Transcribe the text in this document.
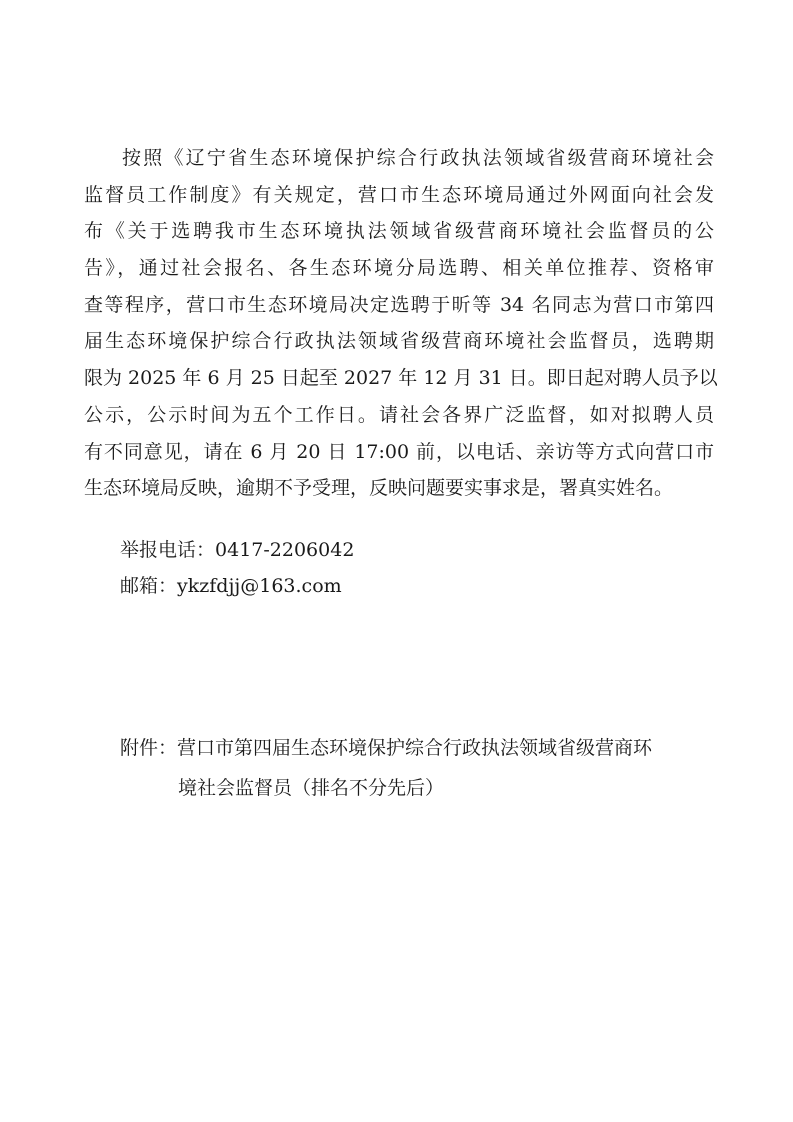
按照《辽宁省生态环境保护综合行政执法领域省级营商环境社会
监督员工作制度》有关规定，营口市生态环境局通过外网面向社会发
布《关于选聘我市生态环境执法领域省级营商环境社会监督员的公
告》，通过社会报名、各生态环境分局选聘、相关单位推荐、资格审
查等程序，营口市生态环境局决定选聘于昕等 34 名同志为营口市第四
届生态环境保护综合行政执法领域省级营商环境社会监督员，选聘期
限为 2025 年 6 月 25 日起至 2027 年 12 月 31 日。即日起对聘人员予以
公示，公示时间为五个工作日。请社会各界广泛监督，如对拟聘人员
有不同意见，请在 6 月 20 日 17:00 前，以电话、亲访等方式向营口市
生态环境局反映，逾期不予受理，反映问题要实事求是，署真实姓名。
举报电话：0417-2206042
邮箱：ykzfdjj@163.com
附件：营口市第四届生态环境保护综合行政执法领域省级营商环
境社会监督员（排名不分先后）
